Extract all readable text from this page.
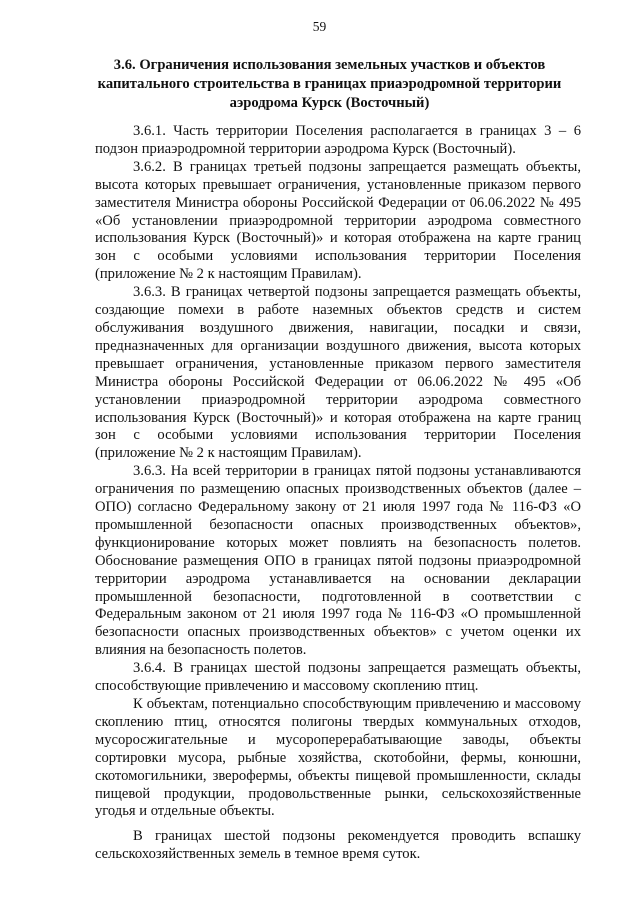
59
3.6. Ограничения использования земельных участков и объектов капитального строительства в границах приаэродромной территории аэродрома Курск (Восточный)

3.6.1. Часть территории Поселения располагается в границах 3 – 6 подзон приаэродромной территории аэродрома Курск (Восточный).

3.6.2. В границах третьей подзоны запрещается размещать объекты, высота которых превышает ограничения, установленные приказом первого заместителя Министра обороны Российской Федерации от 06.06.2022 № 495 «Об установлении приаэродромной территории аэродрома совместного использования Курск (Восточный)» и которая отображена на карте границ зон с особыми условиями использования территории Поселения (приложение № 2 к настоящим Правилам).

3.6.3. В границах четвертой подзоны запрещается размещать объекты, создающие помехи в работе наземных объектов средств и систем обслуживания воздушного движения, навигации, посадки и связи, предназначенных для организации воздушного движения, высота которых превышает ограничения, установленные приказом первого заместителя Министра обороны Российской Федерации от 06.06.2022 № 495 «Об установлении приаэродромной территории аэродрома совместного использования Курск (Восточный)» и которая отображена на карте границ зон с особыми условиями использования территории Поселения (приложение № 2 к настоящим Правилам).

3.6.3. На всей территории в границах пятой подзоны устанавливаются ограничения по размещению опасных производственных объектов (далее – ОПО) согласно Федеральному закону от 21 июля 1997 года № 116-ФЗ «О промышленной безопасности опасных производственных объектов», функционирование которых может повлиять на безопасность полетов. Обоснование размещения ОПО в границах пятой подзоны приаэродромной территории аэродрома устанавливается на основании декларации промышленной безопасности, подготовленной в соответствии с Федеральным законом от 21 июля 1997 года № 116-ФЗ «О промышленной безопасности опасных производственных объектов» с учетом оценки их влияния на безопасность полетов.

3.6.4. В границах шестой подзоны запрещается размещать объекты, способствующие привлечению и массовому скоплению птиц.

К объектам, потенциально способствующим привлечению и массовому скоплению птиц, относятся полигоны твердых коммунальных отходов, мусоросжигательные и мусороперерабатывающие заводы, объекты сортировки мусора, рыбные хозяйства, скотобойни, фермы, конюшни, скотомогильники, зверофермы, объекты пищевой промышленности, склады пищевой продукции, продовольственные рынки, сельскохозяйственные угодья и отдельные объекты.

В границах шестой подзоны рекомендуется проводить вспашку сельскохозяйственных земель в темное время суток.
